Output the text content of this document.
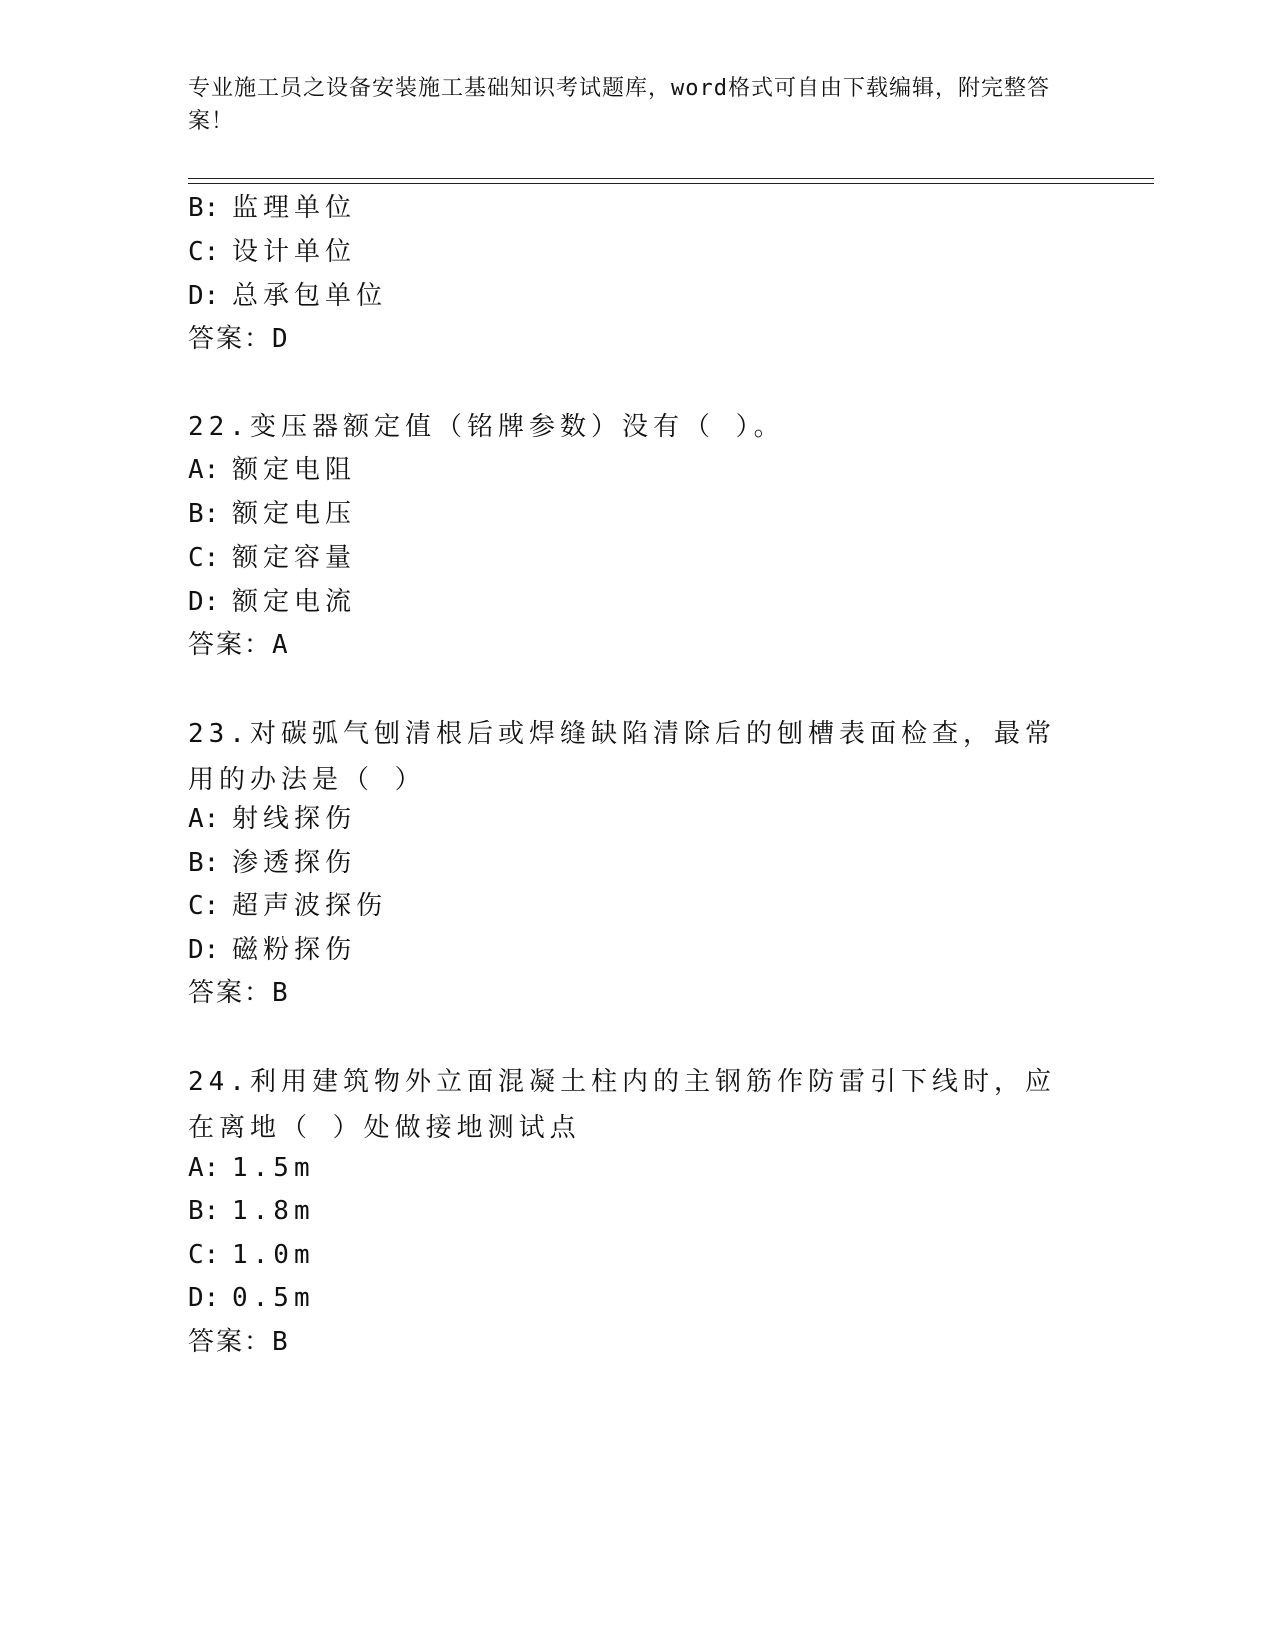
专业施工员之设备安装施工基础知识考试题库，word格式可自由下载编辑，附完整答案！
B: 监理单位
C: 设计单位
D: 总承包单位
答案：D
22.变压器额定值（铭牌参数）没有（ ）。
A: 额定电阻
B: 额定电压
C: 额定容量
D: 额定电流
答案：A
23.对碳弧气刨清根后或焊缝缺陷清除后的刨槽表面检查，最常用的办法是（ ）
A: 射线探伤
B: 渗透探伤
C: 超声波探伤
D: 磁粉探伤
答案：B
24.利用建筑物外立面混凝土柱内的主钢筋作防雷引下线时，应在离地（ ）处做接地测试点
A: 1.5m
B: 1.8m
C: 1.0m
D: 0.5m
答案：B
